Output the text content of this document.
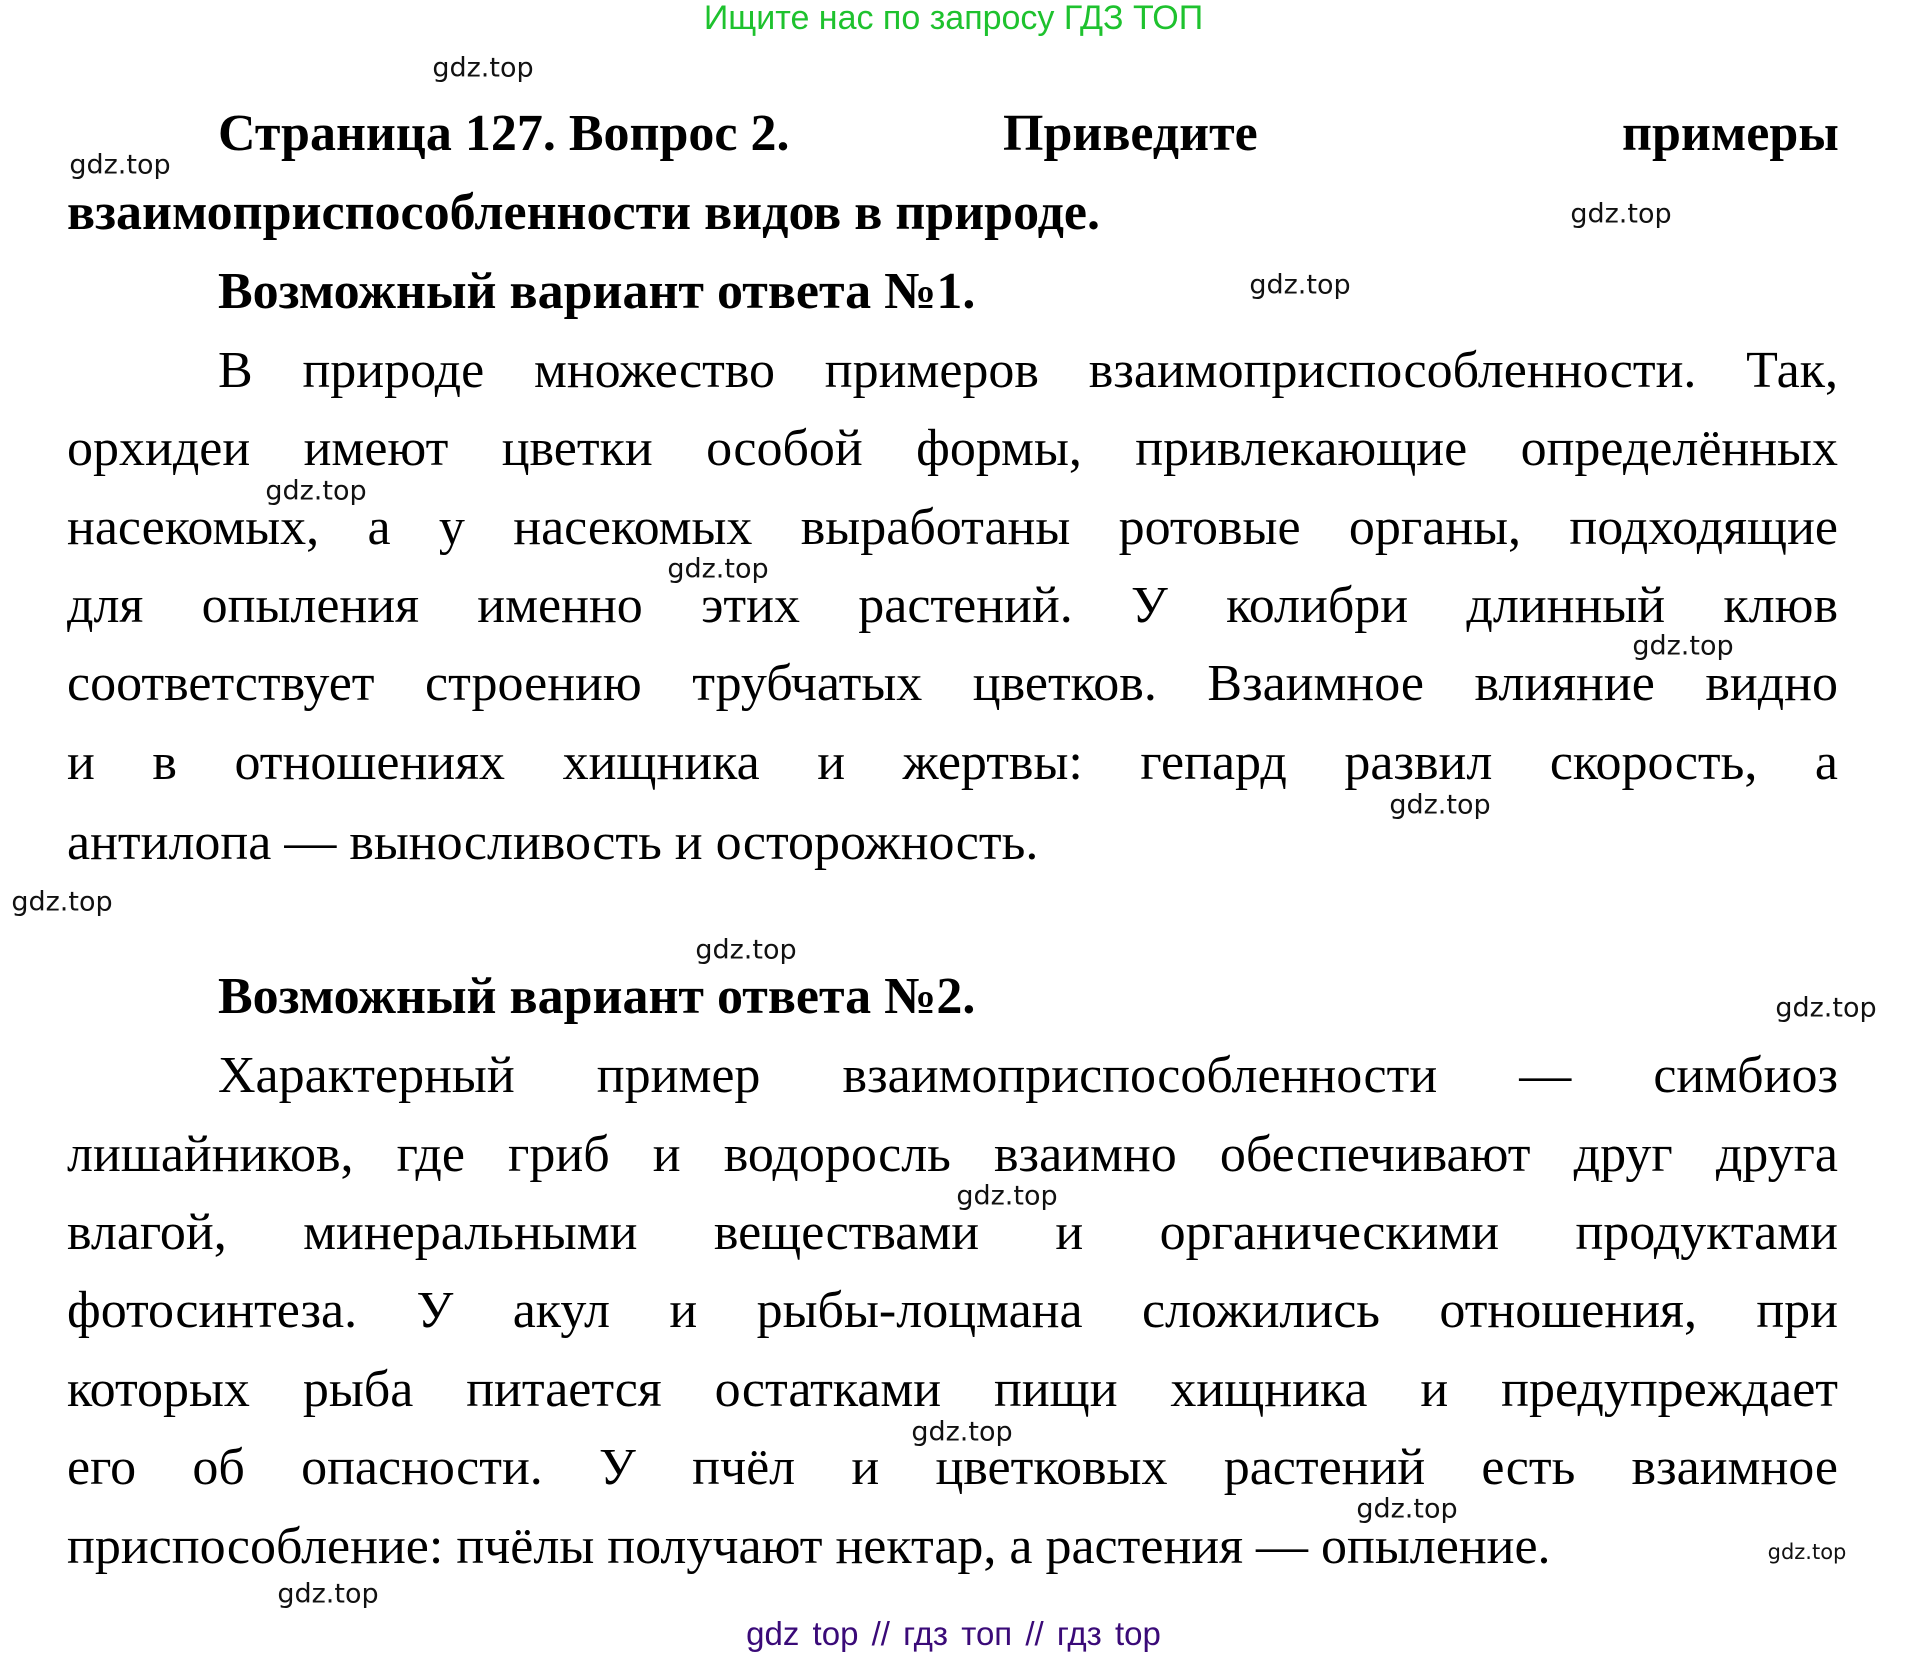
Ищите нас по запросу ГДЗ ТОП
Страница 127. Вопрос 2.	Приведите	примеры
взаимоприспособленности видов в природе.
Возможный вариант ответа №1.
В природе множество примеров взаимоприспособленности. Так,
орхидеи имеют цветки особой формы, привлекающие определённых
насекомых, а у насекомых выработаны ротовые органы, подходящие
для опыления именно этих растений. У колибри длинный клюв
соответствует строению трубчатых цветков. Взаимное влияние видно
и в отношениях хищника и жертвы: гепард развил скорость, а
антилопа — выносливость и осторожность.
Возможный вариант ответа №2.
Характерный пример взаимоприспособленности — симбиоз
лишайников, где гриб и водоросль взаимно обеспечивают друг друга
влагой, минеральными веществами и органическими продуктами
фотосинтеза. У акул и рыбы-лоцмана сложились отношения, при
которых рыба питается остатками пищи хищника и предупреждает
его об опасности. У пчёл и цветковых растений есть взаимное
приспособление: пчёлы получают нектар, а растения — опыление.
gdz.top
gdz.top
gdz.top
gdz.top
gdz.top
gdz.top
gdz.top
gdz.top
gdz.top
gdz.top
gdz.top
gdz.top
gdz.top
gdz.top
gdz.top
gdz.top
gdz top // гдз топ // гдз top
